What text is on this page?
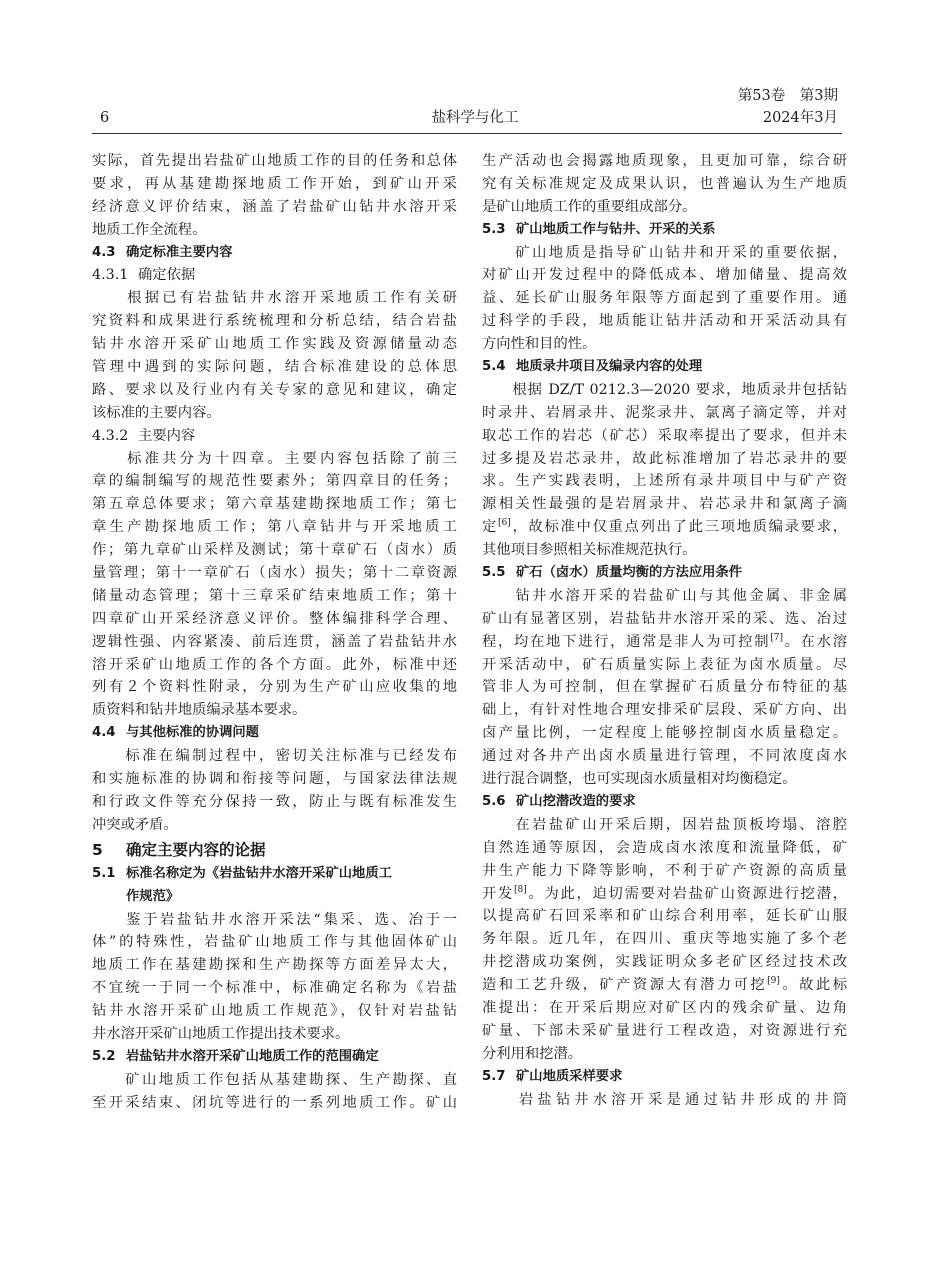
第53卷　第3期
6	盐科学与化工	2024年3月
实际，首先提出岩盐矿山地质工作的目的任务和总体
要求，再从基建勘探地质工作开始，到矿山开采
经济意义评价结束，涵盖了岩盐矿山钻井水溶开采
地质工作全流程。
4.3 确定标准主要内容
4.3.1 确定依据
　　根据已有岩盐钻井水溶开采地质工作有关研
究资料和成果进行系统梳理和分析总结，结合岩盐
钻井水溶开采矿山地质工作实践及资源储量动态
管理中遇到的实际问题，结合标准建设的总体思
路、要求以及行业内有关专家的意见和建议，确定
该标准的主要内容。
4.3.2 主要内容
　　标准共分为十四章。主要内容包括除了前三
章的编制编写的规范性要素外；第四章目的任务；
第五章总体要求；第六章基建勘探地质工作；第七
章生产勘探地质工作；第八章钻井与开采地质工
作；第九章矿山采样及测试；第十章矿石（卤水）质
量管理；第十一章矿石（卤水）损失；第十二章资源
储量动态管理；第十三章采矿结束地质工作；第十
四章矿山开采经济意义评价。整体编排科学合理、
逻辑性强、内容紧凑、前后连贯，涵盖了岩盐钻井水
溶开采矿山地质工作的各个方面。此外，标准中还
列有２个资料性附录，分别为生产矿山应收集的地
质资料和钻井地质编录基本要求。
4.4 与其他标准的协调问题
　　标准在编制过程中，密切关注标准与已经发布
和实施标准的协调和衔接等问题，与国家法律法规
和行政文件等充分保持一致，防止与既有标准发生
冲突或矛盾。
5 确定主要内容的论据
5.1 标准名称定为《岩盐钻井水溶开采矿山地质工
作规范》
　　鉴于岩盐钻井水溶开采法“集采、选、冶于一
体”的特殊性，岩盐矿山地质工作与其他固体矿山
地质工作在基建勘探和生产勘探等方面差异太大，
不宜统一于同一个标准中，标准确定名称为《岩盐
钻井水溶开采矿山地质工作规范》，仅针对岩盐钻
井水溶开采矿山地质工作提出技术要求。
5.2 岩盐钻井水溶开采矿山地质工作的范围确定
　　矿山地质工作包括从基建勘探、生产勘探、直
至开采结束、闭坑等进行的一系列地质工作。矿山
生产活动也会揭露地质现象，且更加可靠，综合研
究有关标准规定及成果认识，也普遍认为生产地质
是矿山地质工作的重要组成部分。
5.3 矿山地质工作与钻井、开采的关系
　　矿山地质是指导矿山钻井和开采的重要依据，
对矿山开发过程中的降低成本、增加储量、提高效
益、延长矿山服务年限等方面起到了重要作用。通
过科学的手段，地质能让钻井活动和开采活动具有
方向性和目的性。
5.4 地质录井项目及编录内容的处理
　　根据 DZ/T 0212.3—2020 要求，地质录井包括钻
时录井、岩屑录井、泥浆录井、氯离子滴定等，并对
取芯工作的岩芯（矿芯）采取率提出了要求，但并未
过多提及岩芯录井，故此标准增加了岩芯录井的要
求。生产实践表明，上述所有录井项目中与矿产资
源相关性最强的是岩屑录井、岩芯录井和氯离子滴
定[6]，故标准中仅重点列出了此三项地质编录要求，
其他项目参照相关标准规范执行。
5.5 矿石（卤水）质量均衡的方法应用条件
　　钻井水溶开采的岩盐矿山与其他金属、非金属
矿山有显著区别，岩盐钻井水溶开采的采、选、冶过
程，均在地下进行，通常是非人为可控制[7]。在水溶
开采活动中，矿石质量实际上表征为卤水质量。尽
管非人为可控制，但在掌握矿石质量分布特征的基
础上，有针对性地合理安排采矿层段、采矿方向、出
卤产量比例，一定程度上能够控制卤水质量稳定。
通过对各井产出卤水质量进行管理，不同浓度卤水
进行混合调整，也可实现卤水质量相对均衡稳定。
5.6 矿山挖潜改造的要求
　　在岩盐矿山开采后期，因岩盐顶板垮塌、溶腔
自然连通等原因，会造成卤水浓度和流量降低，矿
井生产能力下降等影响，不利于矿产资源的高质量
开发[8]。为此，迫切需要对岩盐矿山资源进行挖潜，
以提高矿石回采率和矿山综合利用率，延长矿山服
务年限。近几年，在四川、重庆等地实施了多个老
井挖潜成功案例，实践证明众多老矿区经过技术改
造和工艺升级，矿产资源大有潜力可挖[9]。故此标
准提出：在开采后期应对矿区内的残余矿量、边角
矿量、下部未采矿量进行工程改造，对资源进行充
分利用和挖潜。
5.7 矿山地质采样要求
　　岩盐钻井水溶开采是通过钻井形成的井筒
